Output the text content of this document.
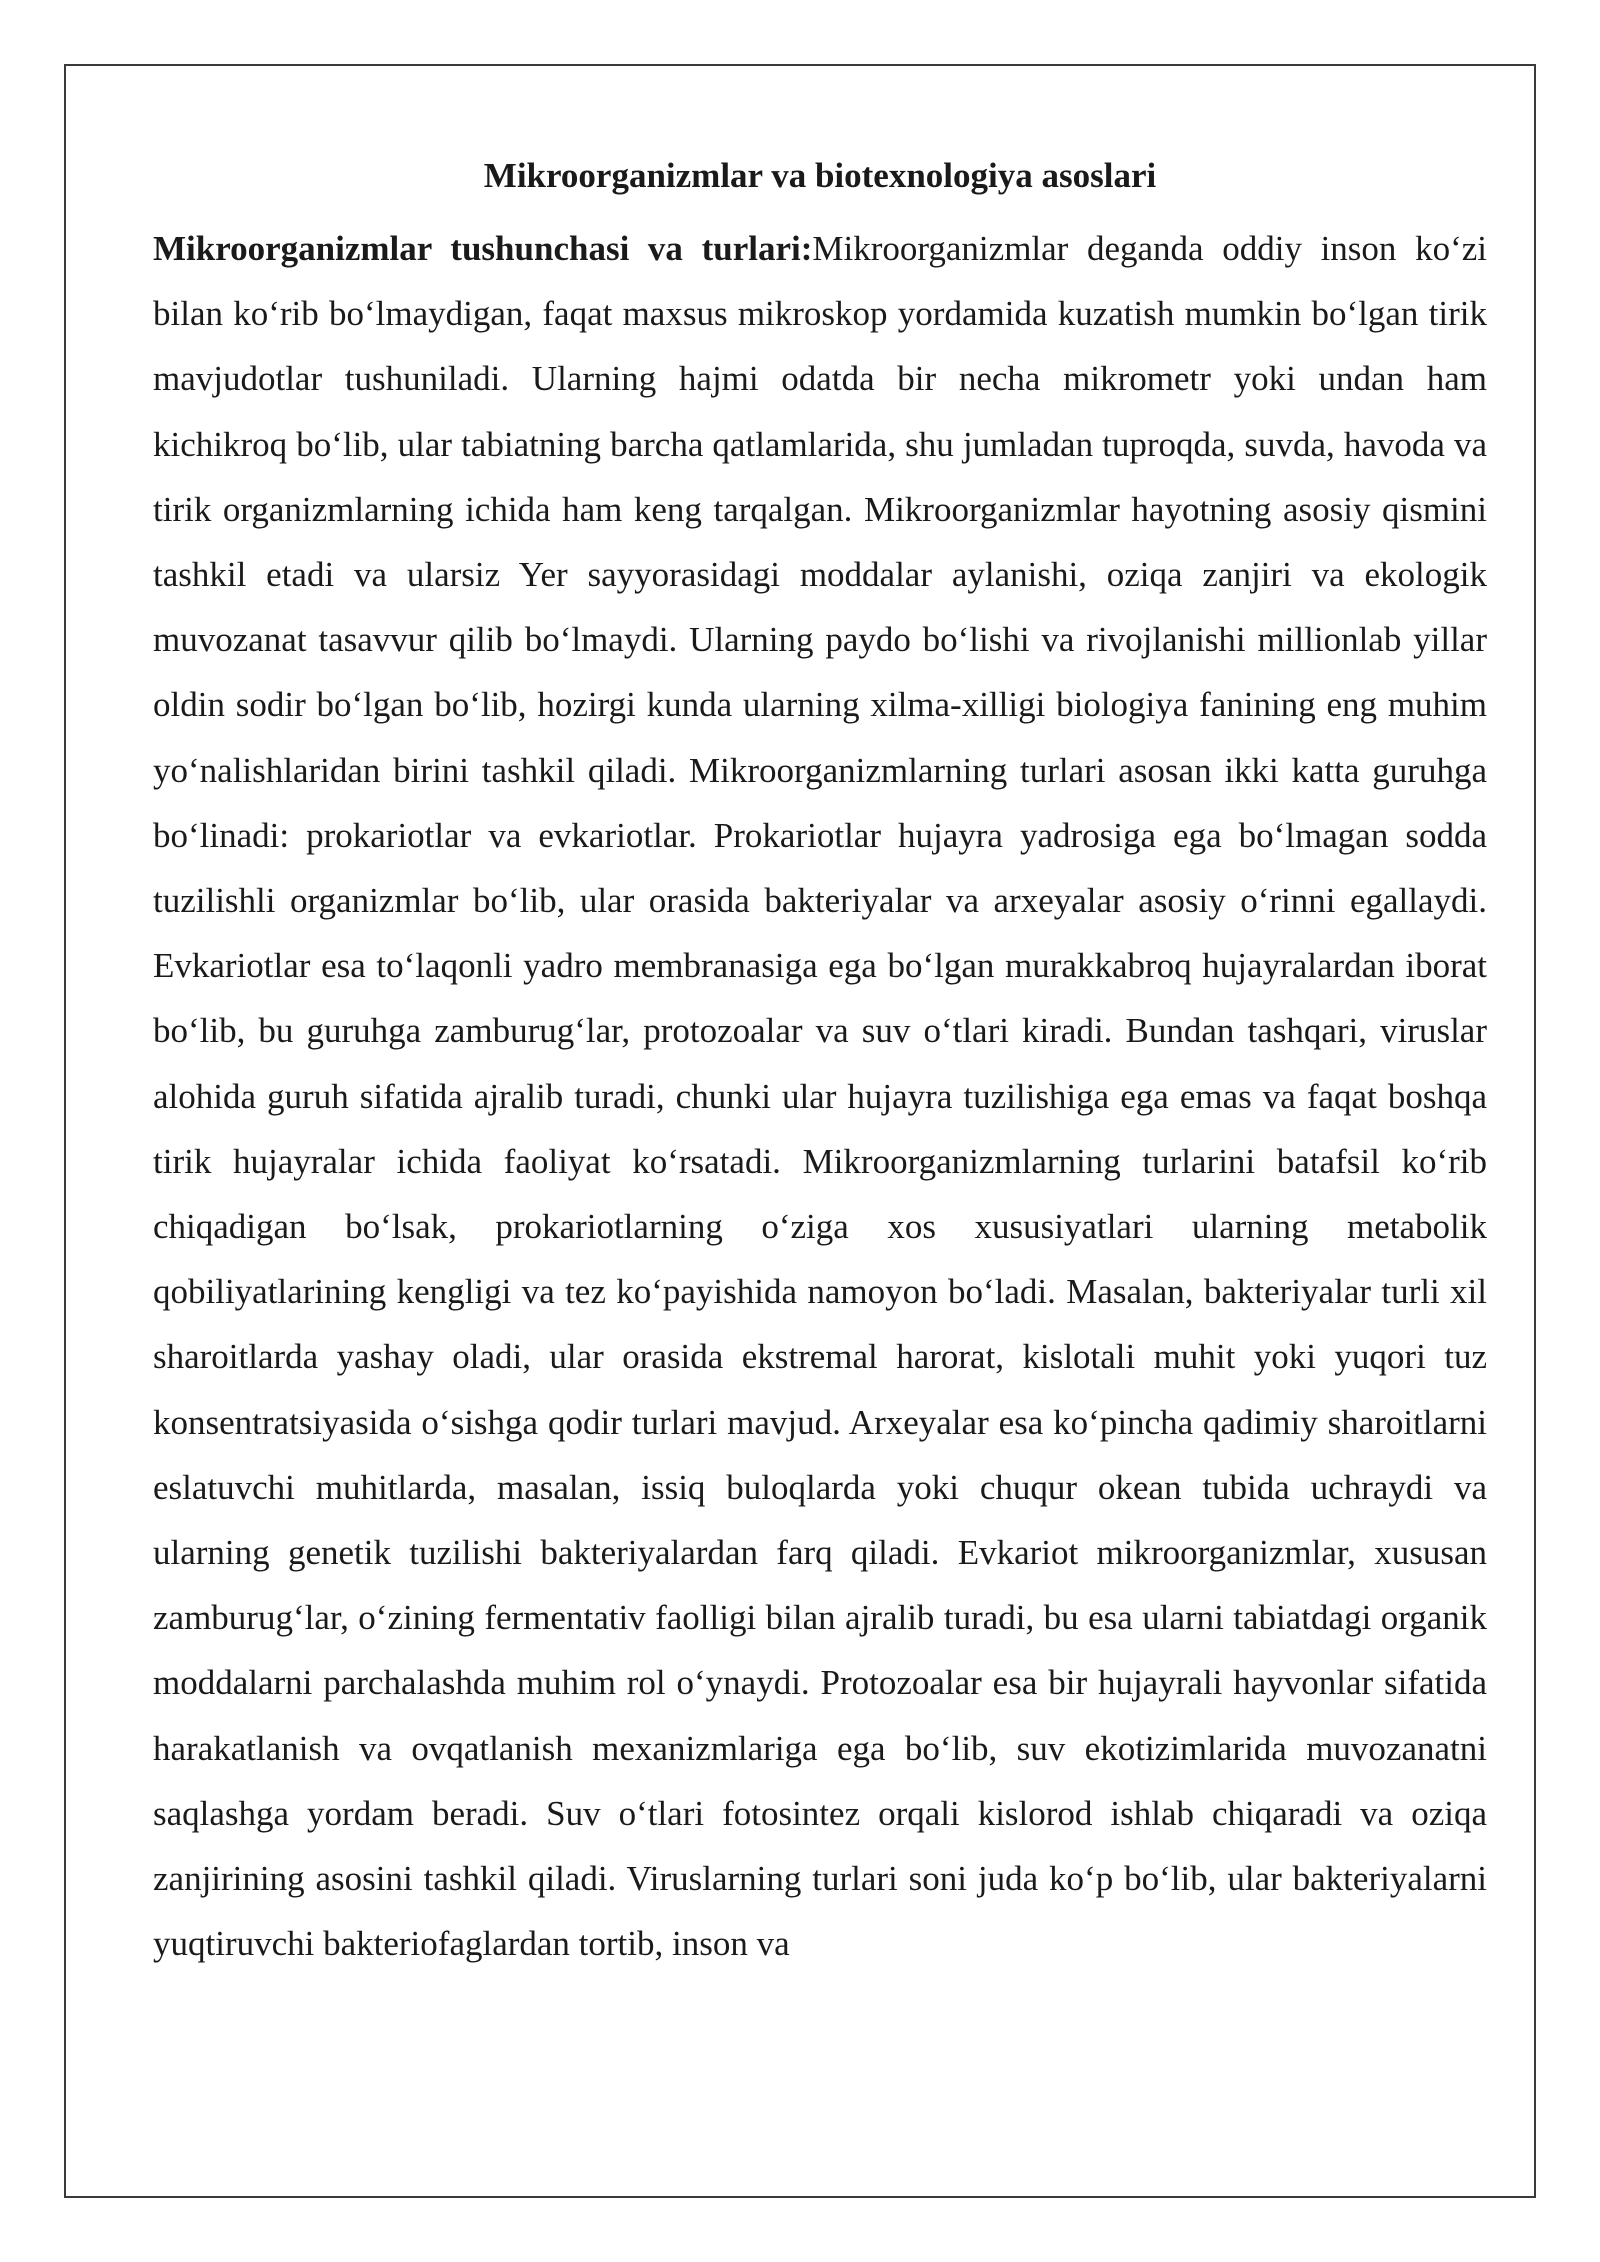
Mikroorganizmlar va biotexnologiya asoslari

Mikroorganizmlar tushunchasi va turlari:Mikroorganizmlar deganda oddiy inson koʻzi bilan koʻrib boʻlmaydigan, faqat maxsus mikroskop yordamida kuzatish mumkin boʻlgan tirik mavjudotlar tushuniladi. Ularning hajmi odatda bir necha mikrometr yoki undan ham kichikroq boʻlib, ular tabiatning barcha qatlamlarida, shu jumladan tuproqda, suvda, havoda va tirik organizmlarning ichida ham keng tarqalgan. Mikroorganizmlar hayotning asosiy qismini tashkil etadi va ularsiz Yer sayyorasidagi moddalar aylanishi, oziqa zanjiri va ekologik muvozanat tasavvur qilib boʻlmaydi. Ularning paydo boʻlishi va rivojlanishi millionlab yillar oldin sodir boʻlgan boʻlib, hozirgi kunda ularning xilma-xilligi biologiya fanining eng muhim yoʻnalishlaridan birini tashkil qiladi. Mikroorganizmlarning turlari asosan ikki katta guruhga boʻlinadi: prokariotlar va evkariotlar. Prokariotlar hujayra yadrosiga ega boʻlmagan sodda tuzilishli organizmlar boʻlib, ular orasida bakteriyalar va arxeyalar asosiy oʻrinni egallaydi. Evkariotlar esa toʻlaqonli yadro membranasiga ega boʻlgan murakkabroq hujayralardan iborat boʻlib, bu guruhga zamburugʻlar, protozoalar va suv oʻtlari kiradi. Bundan tashqari, viruslar alohida guruh sifatida ajralib turadi, chunki ular hujayra tuzilishiga ega emas va faqat boshqa tirik hujayralar ichida faoliyat koʻrsatadi. Mikroorganizmlarning turlarini batafsil koʻrib chiqadigan boʻlsak, prokariotlarning oʻziga xos xususiyatlari ularning metabolik qobiliyatlarining kengligi va tez koʻpayishida namoyon boʻladi. Masalan, bakteriyalar turli xil sharoitlarda yashay oladi, ular orasida ekstremal harorat, kislotali muhit yoki yuqori tuz konsentratsiyasida oʻsishga qodir turlari mavjud. Arxeyalar esa koʻpincha qadimiy sharoitlarni eslatuvchi muhitlarda, masalan, issiq buloqlarda yoki chuqur okean tubida uchraydi va ularning genetik tuzilishi bakteriyalardan farq qiladi. Evkariot mikroorganizmlar, xususan zamburugʻlar, oʻzining fermentativ faolligi bilan ajralib turadi, bu esa ularni tabiatdagi organik moddalarni parchalashda muhim rol oʻynaydi. Protozoalar esa bir hujayrali hayvonlar sifatida harakatlanish va ovqatlanish mexanizmlariga ega boʻlib, suv ekotizimlarida muvozanatni saqlashga yordam beradi. Suv oʻtlari fotosintez orqali kislorod ishlab chiqaradi va oziqa zanjirining asosini tashkil qiladi. Viruslarning turlari soni juda koʻp boʻlib, ular bakteriyalarni yuqtiruvchi bakteriofaglardan tortib, inson va
